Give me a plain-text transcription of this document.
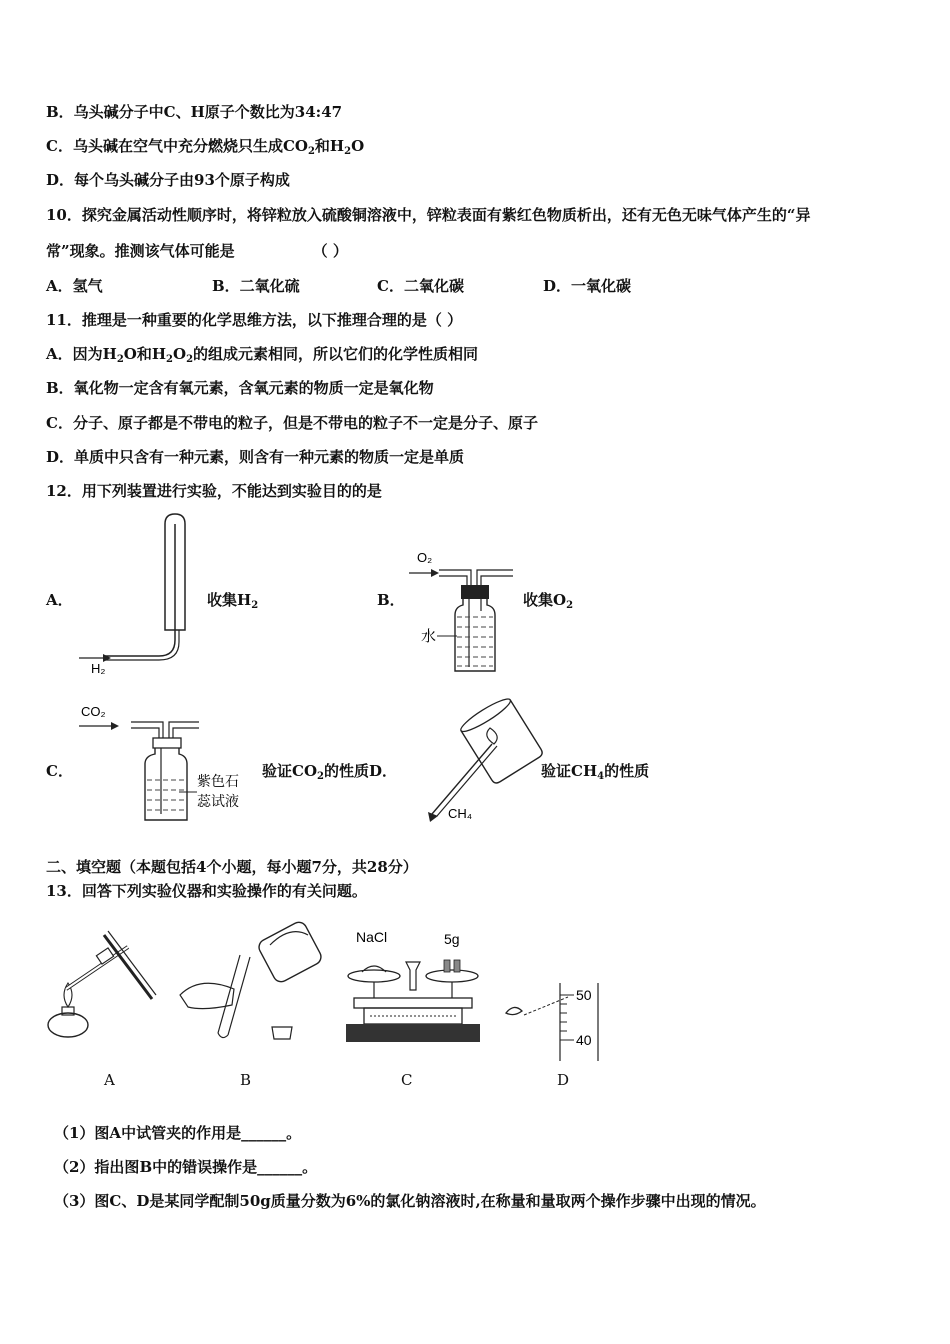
B．乌头碱分子中C、H原子个数比为34:47
C．乌头碱在空气中充分燃烧只生成$CO_2$和$H_2O$
D．每个乌头碱分子由93个原子构成
10．探究金属活动性顺序时，将锌粒放入硫酸铜溶液中，锌粒表面有紫红色物质析出，还有无色无味气体产生的“异
常”现象。推测该气体可能是	（ ）
A．氢气	B．二氧化硫	C．二氧化碳	D．一氧化碳
11．推理是一种重要的化学思维方法，以下推理合理的是（ ）
A．因为$H_2O$和$H_2O_2$的组成元素相同，所以它们的化学性质相同
B．氧化物一定含有氧元素，含氧元素的物质一定是氧化物
C．分子、原子都是不带电的粒子，但是不带电的粒子不一定是分子、原子
D．单质中只含有一种元素，则含有一种元素的物质一定是单质
12．用下列装置进行实验，不能达到实验目的的是
A．
H₂
收集$H_2$	B．
O₂
水
收集$O_2$
C．
CO₂
紫色石
蕊试液
验证$CO_2$的性质D．
CH₄
验证$CH_4$的性质
二、填空题（本题包括4个小题，每小题7分，共28分）
13．回答下列实验仪器和实验操作的有关问题。
A	B
NaCl	5g
C
50
40
D
（1）图A中试管夹的作用是______。
（2）指出图B中的错误操作是______。
（3）图C、D是某同学配制50g质量分数为6%的氯化钠溶液时,在称量和量取两个操作步骤中出现的情况。
